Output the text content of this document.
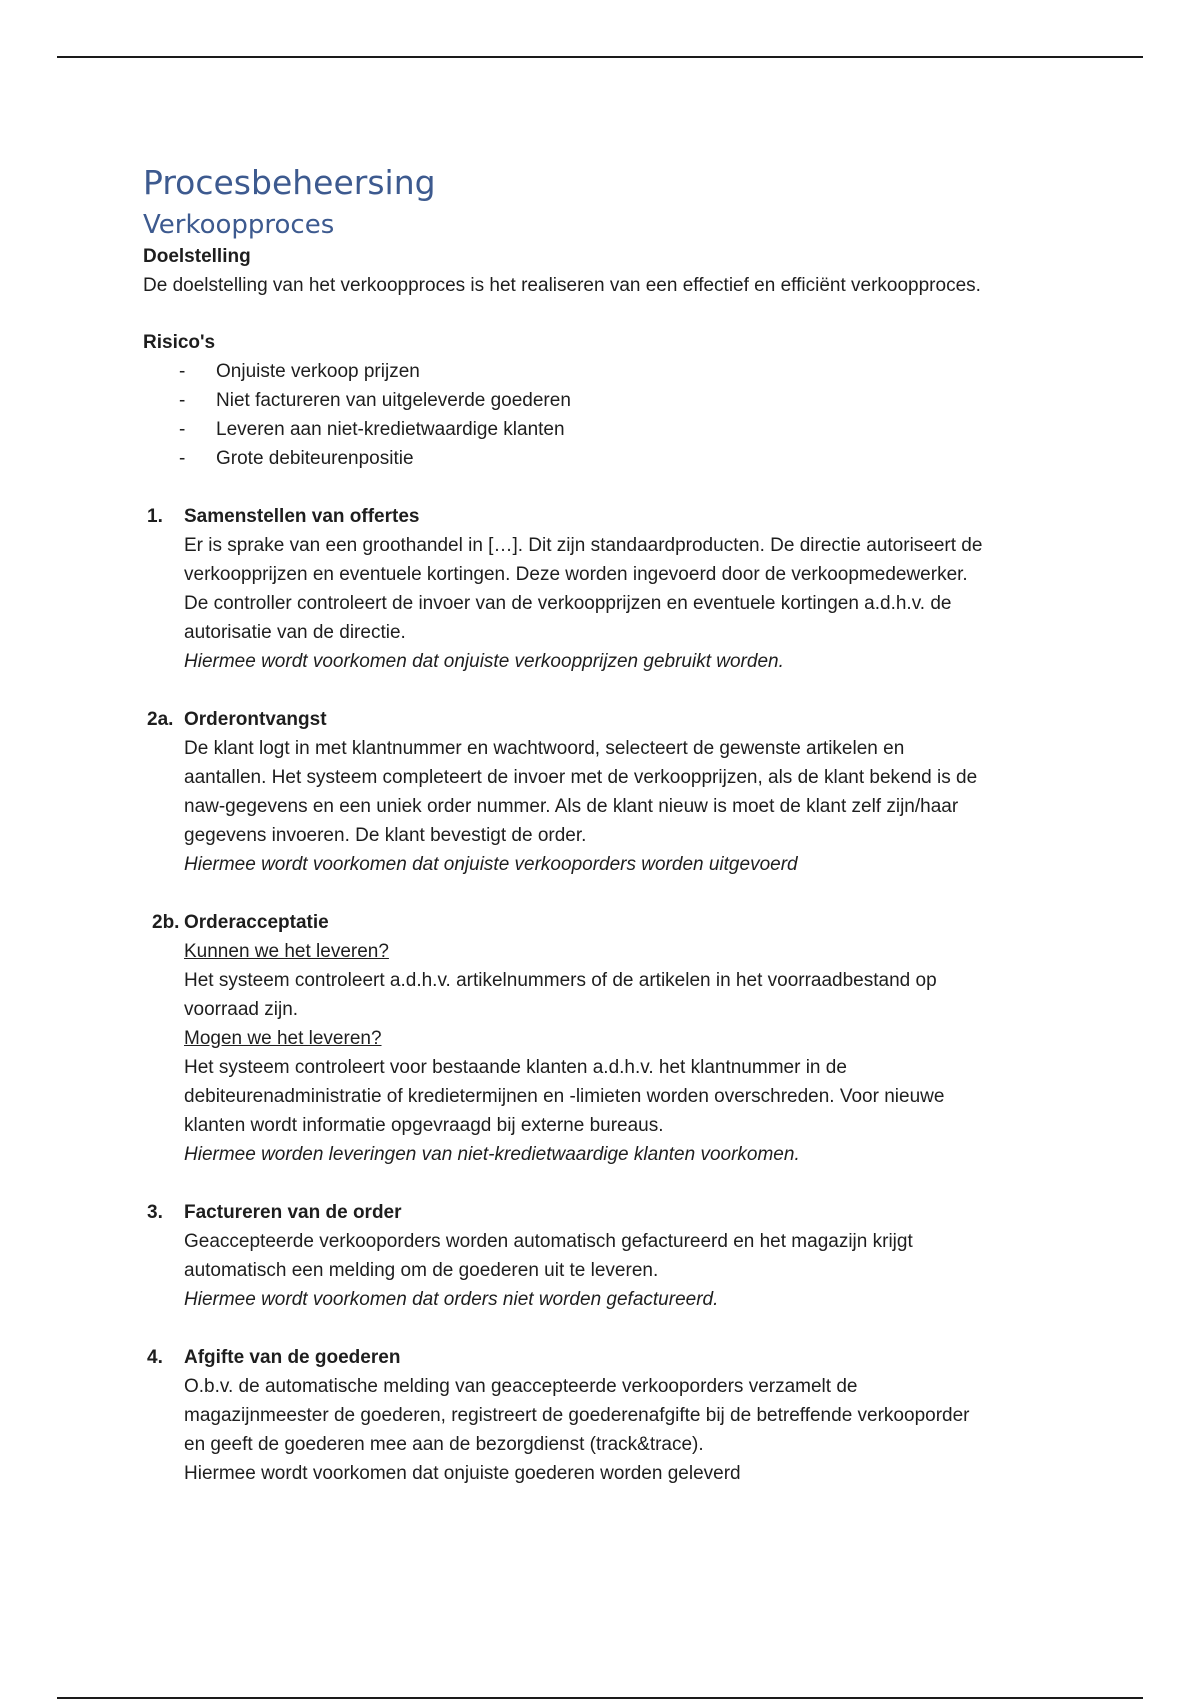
Procesbeheersing
Verkoopproces
Doelstelling
De doelstelling van het verkoopproces is het realiseren van een effectief en efficiënt verkoopproces.
Risico's
- Onjuiste verkoop prijzen
- Niet factureren van uitgeleverde goederen
- Leveren aan niet-kredietwaardige klanten
- Grote debiteurenpositie
1.	Samenstellen van offertes
Er is sprake van een groothandel in […]. Dit zijn standaardproducten. De directie autoriseert de
verkoopprijzen en eventuele kortingen. Deze worden ingevoerd door de verkoopmedewerker.
De controller controleert de invoer van de verkoopprijzen en eventuele kortingen a.d.h.v. de
autorisatie van de directie.
Hiermee wordt voorkomen dat onjuiste verkoopprijzen gebruikt worden.
2a. Orderontvangst
De klant logt in met klantnummer en wachtwoord, selecteert de gewenste artikelen en
aantallen. Het systeem completeert de invoer met de verkoopprijzen, als de klant bekend is de
naw-gegevens en een uniek order nummer. Als de klant nieuw is moet de klant zelf zijn/haar
gegevens invoeren. De klant bevestigt de order.
Hiermee wordt voorkomen dat onjuiste verkooporders worden uitgevoerd
2b. Orderacceptatie
Kunnen we het leveren?
Het systeem controleert a.d.h.v. artikelnummers of de artikelen in het voorraadbestand op
voorraad zijn.
Mogen we het leveren?
Het systeem controleert voor bestaande klanten a.d.h.v. het klantnummer in de
debiteurenadministratie of kredietermijnen en -limieten worden overschreden. Voor nieuwe
klanten wordt informatie opgevraagd bij externe bureaus.
Hiermee worden leveringen van niet-kredietwaardige klanten voorkomen.
3.	Factureren van de order
Geaccepteerde verkooporders worden automatisch gefactureerd en het magazijn krijgt
automatisch een melding om de goederen uit te leveren.
Hiermee wordt voorkomen dat orders niet worden gefactureerd.
4.	Afgifte van de goederen
O.b.v. de automatische melding van geaccepteerde verkooporders verzamelt de
magazijnmeester de goederen, registreert de goederenafgifte bij de betreffende verkooporder
en geeft de goederen mee aan de bezorgdienst (track&trace).
Hiermee wordt voorkomen dat onjuiste goederen worden geleverd
